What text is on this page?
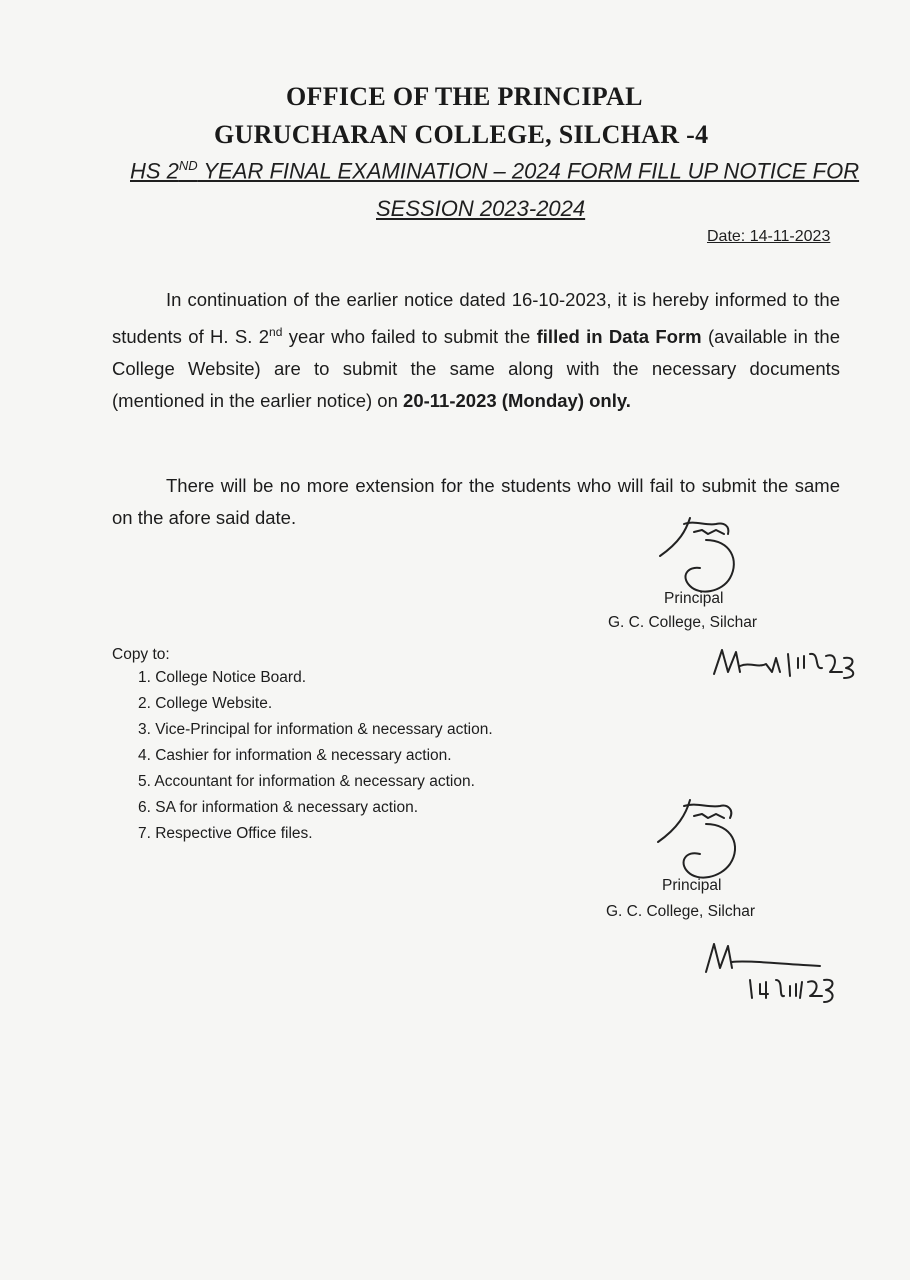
OFFICE OF THE PRINCIPAL
GURUCHARAN COLLEGE, SILCHAR -4
HS 2ND YEAR FINAL EXAMINATION – 2024 FORM FILL UP NOTICE FOR
SESSION 2023-2024
Date: 14-11-2023
In continuation of the earlier notice dated 16-10-2023, it is hereby informed to the students of H. S. 2nd year who failed to submit the filled in Data Form (available in the College Website) are to submit the same along with the necessary documents (mentioned in the earlier notice) on 20-11-2023 (Monday) only.
There will be no more extension for the students who will fail to submit the same on the afore said date.
Principal
G. C. College, Silchar
Copy to:
1. College Notice Board.
2. College Website.
3. Vice-Principal for information & necessary action.
4. Cashier for information & necessary action.
5. Accountant for information & necessary action.
6. SA for information & necessary action.
7. Respective Office files.
Principal
G. C. College, Silchar
